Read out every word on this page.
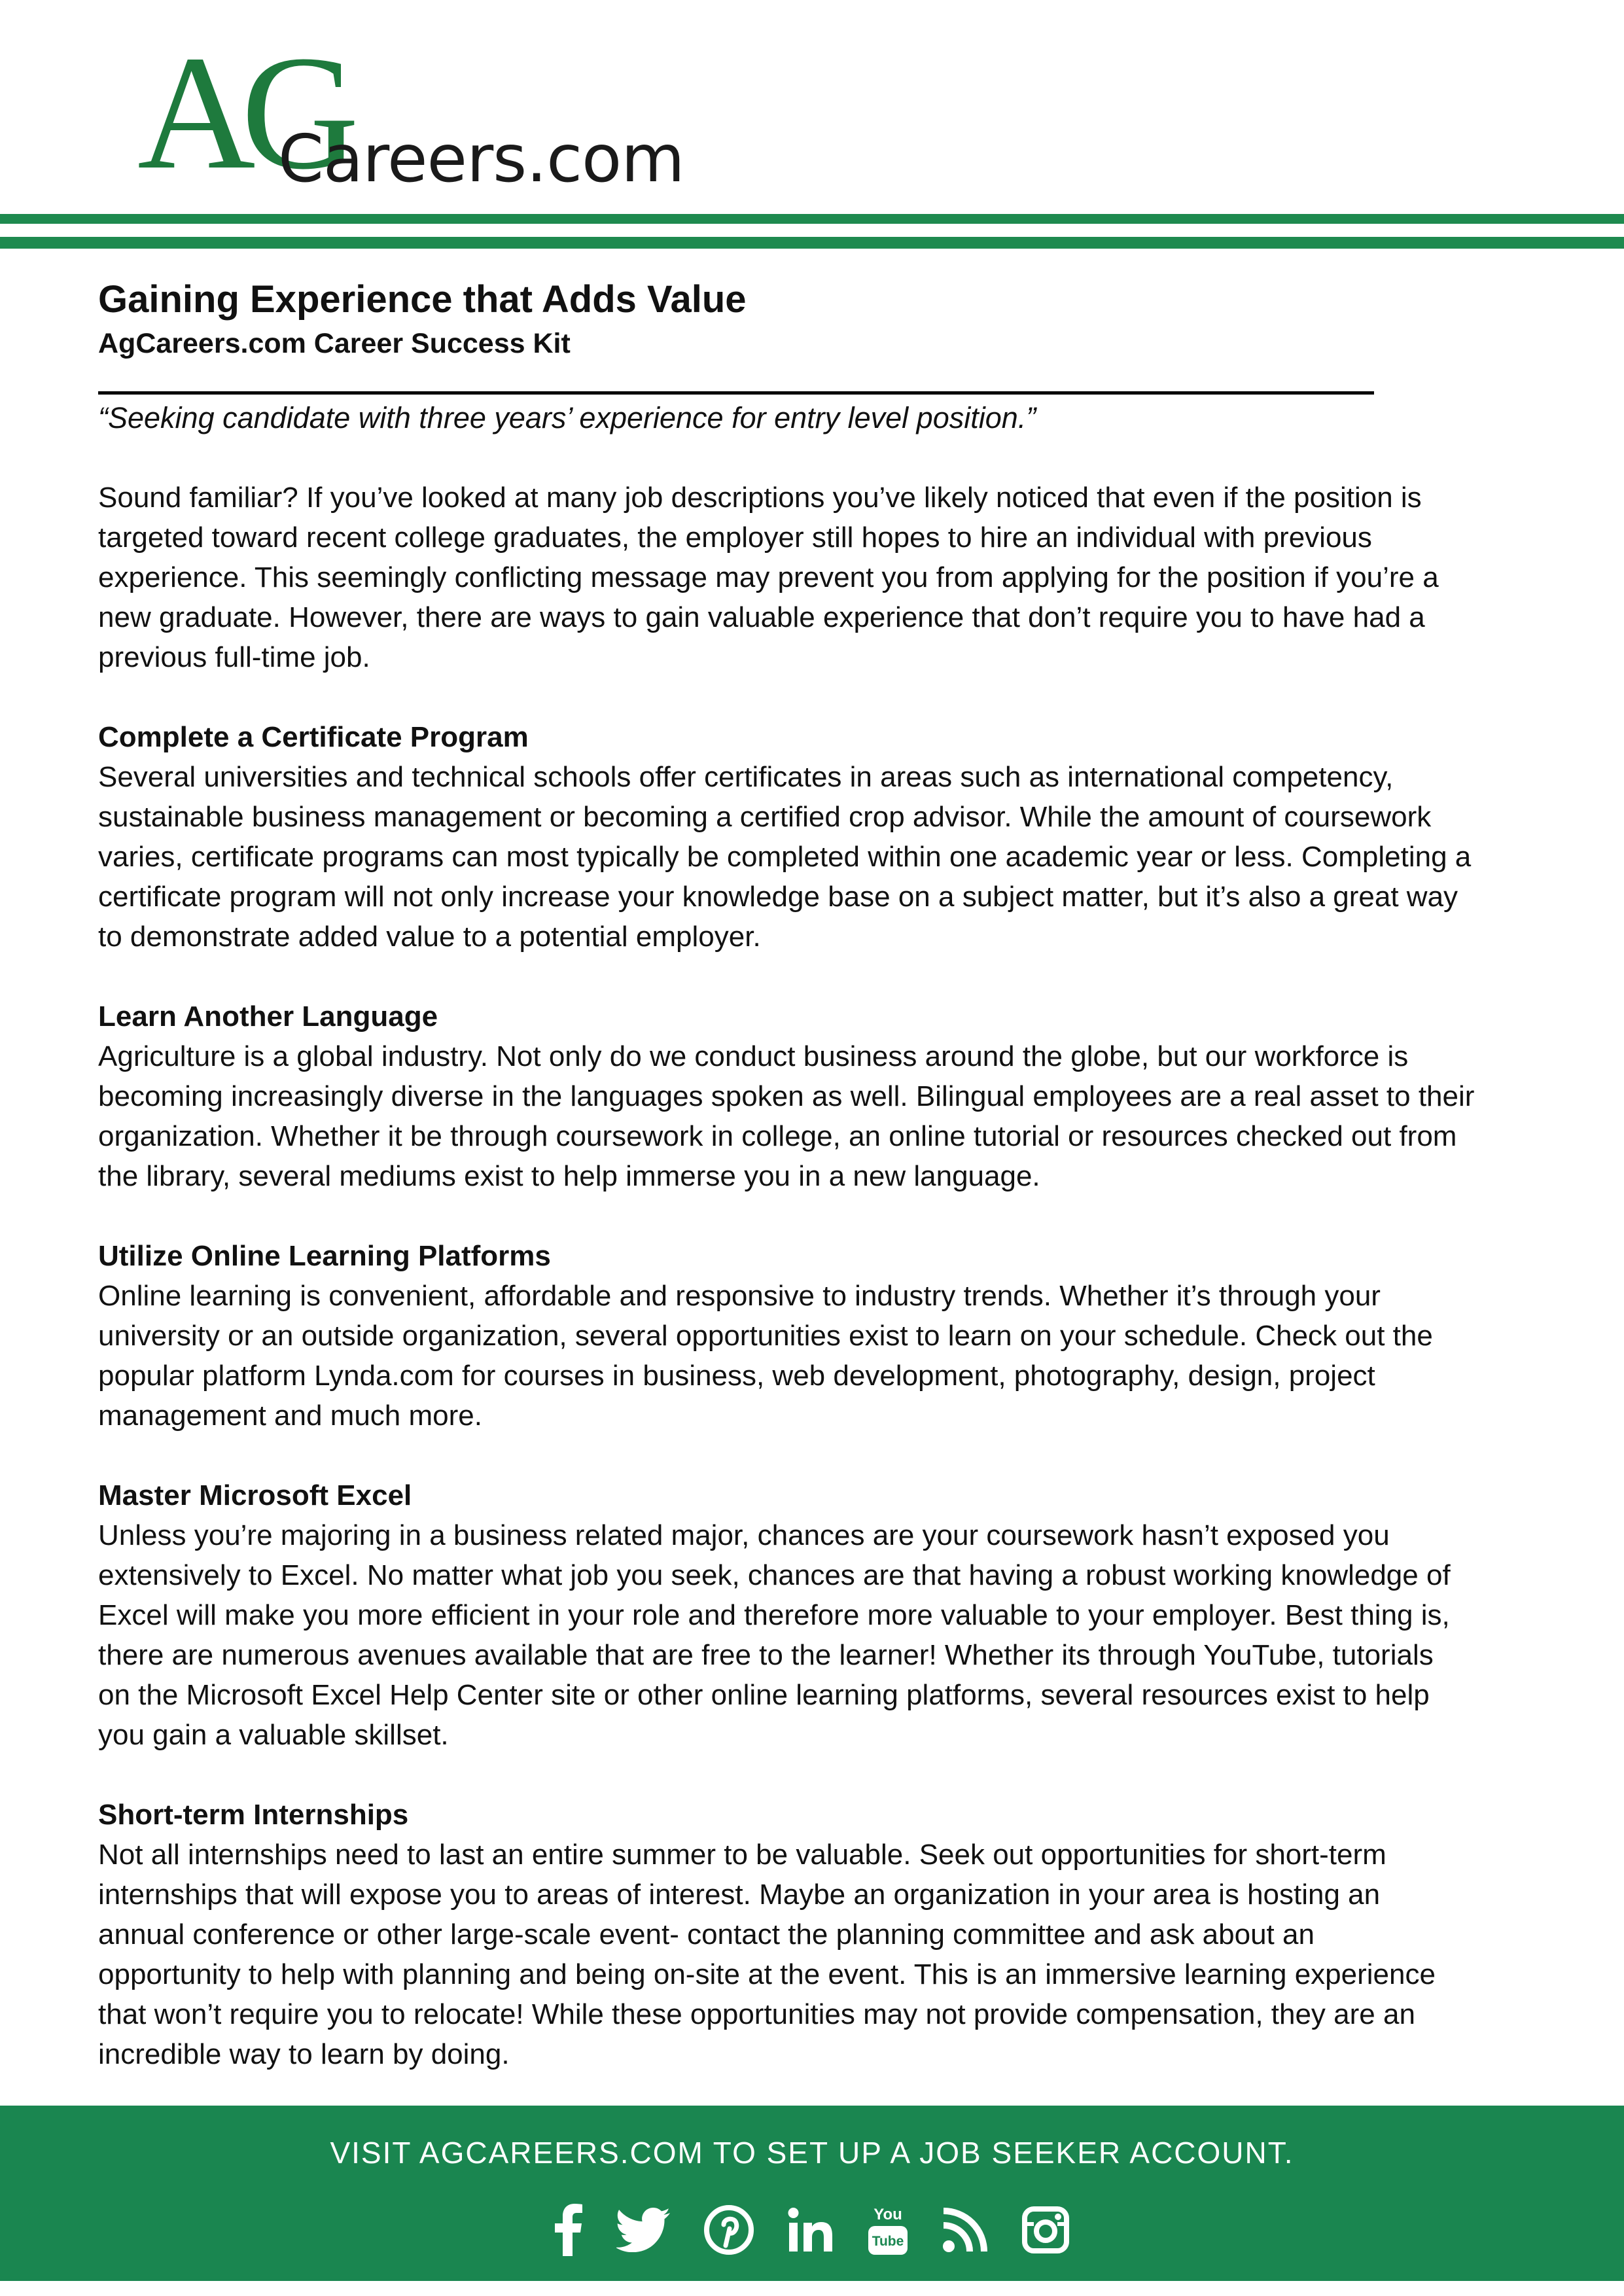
AG
Careers.com
Gaining Experience that Adds Value
AgCareers.com Career Success Kit
“Seeking candidate with three years’ experience for entry level position.”

Sound familiar? If you’ve looked at many job descriptions you’ve likely noticed that even if the position is

targeted toward recent college graduates, the employer still hopes to hire an individual with previous

experience. This seemingly conflicting message may prevent you from applying for the position if you’re a

new graduate. However, there are ways to gain valuable experience that don’t require you to have had a

previous full-time job.

Complete a Certificate Program

Several universities and technical schools offer certificates in areas such as international competency,

sustainable business management or becoming a certified crop advisor. While the amount of coursework

varies, certificate programs can most typically be completed within one academic year or less. Completing a

certificate program will not only increase your knowledge base on a subject matter, but it’s also a great way

to demonstrate added value to a potential employer.

Learn Another Language

Agriculture is a global industry. Not only do we conduct business around the globe, but our workforce is

becoming increasingly diverse in the languages spoken as well. Bilingual employees are a real asset to their

organization. Whether it be through coursework in college, an online tutorial or resources checked out from

the library, several mediums exist to help immerse you in a new language.

Utilize Online Learning Platforms

Online learning is convenient, affordable and responsive to industry trends. Whether it’s through your

university or an outside organization, several opportunities exist to learn on your schedule. Check out the

popular platform Lynda.com for courses in business, web development, photography, design, project

management and much more.

Master Microsoft Excel

Unless you’re majoring in a business related major, chances are your coursework hasn’t exposed you

extensively to Excel. No matter what job you seek, chances are that having a robust working knowledge of

Excel will make you more efficient in your role and therefore more valuable to your employer. Best thing is,

there are numerous avenues available that are free to the learner! Whether its through YouTube, tutorials

on the Microsoft Excel Help Center site or other online learning platforms, several resources exist to help

you gain a valuable skillset.

Short-term Internships

Not all internships need to last an entire summer to be valuable. Seek out opportunities for short-term

internships that will expose you to areas of interest. Maybe an organization in your area is hosting an

annual conference or other large-scale event- contact the planning committee and ask about an

opportunity to help with planning and being on-site at the event. This is an immersive learning experience

that won’t require you to relocate! While these opportunities may not provide compensation, they are an

incredible way to learn by doing.

VISIT AGCAREERS.COM TO SET UP A JOB SEEKER ACCOUNT.
You
Tube
